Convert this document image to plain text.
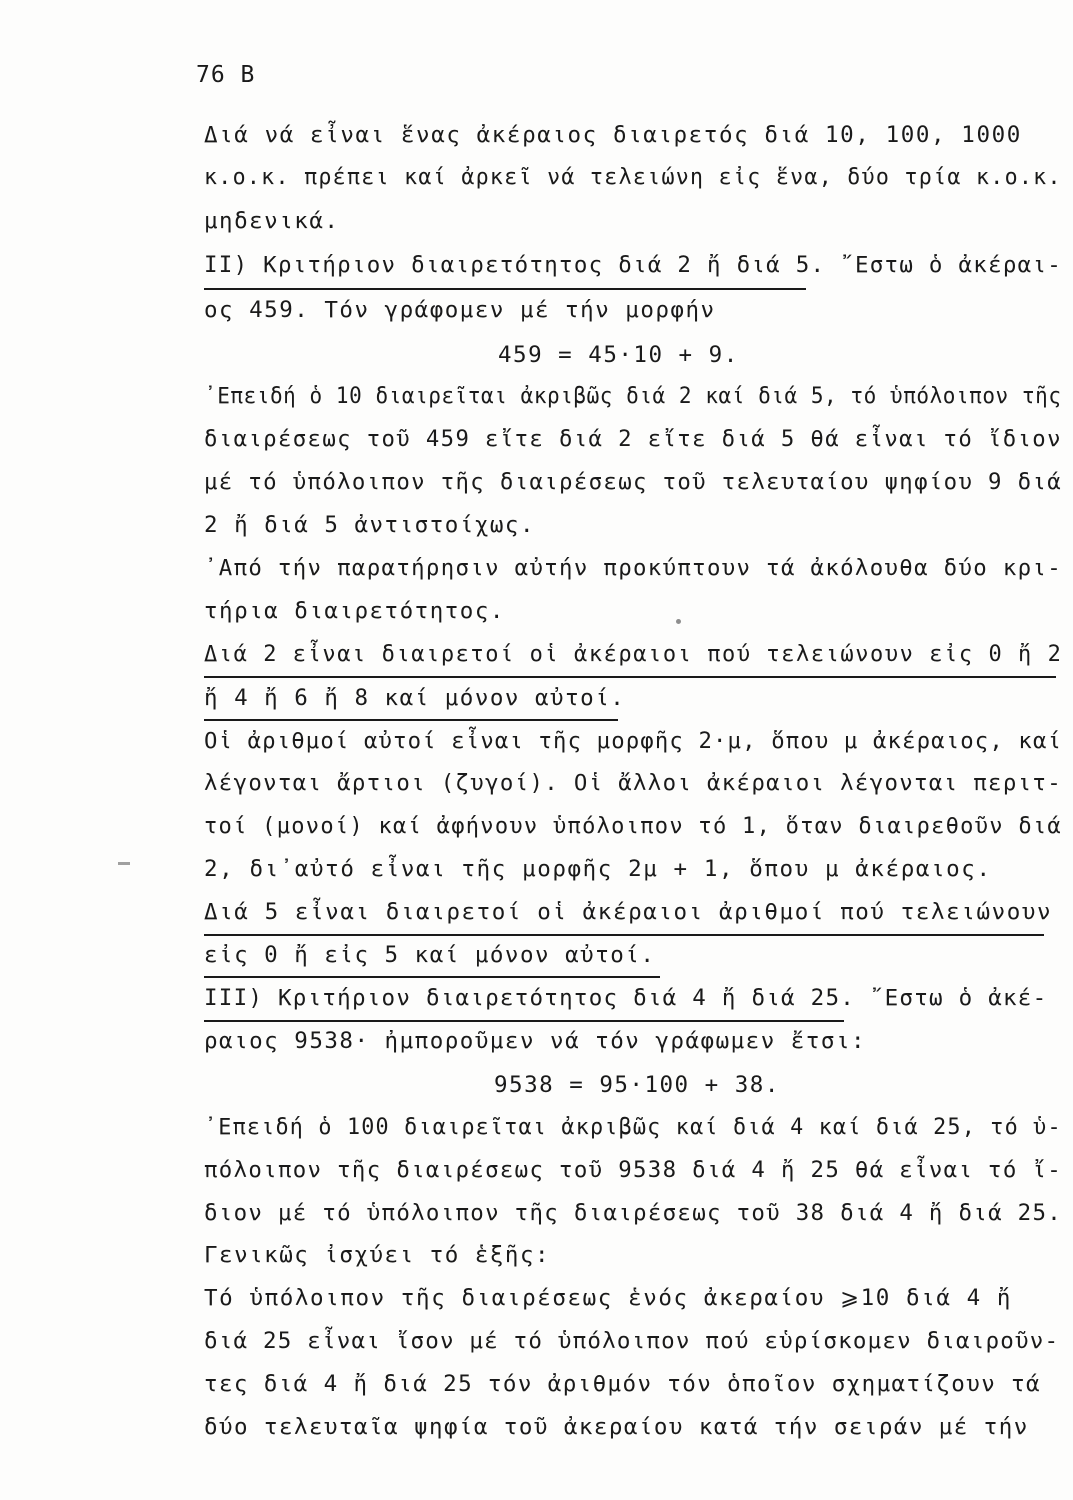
76 B
Διά νά εἶναι ἕνας ἀκέραιος διαιρετός διά 10, 100, 1000
κ.ο.κ. πρέπει καί ἀρκεῖ νά τελειώνη εἰς ἕνα, δύο τρία κ.ο.κ.
μηδενικά.
II) Κριτήριον διαιρετότητος διά 2 ἤ διά 5. ῎Εστω ὁ ἀκέραι-
ος 459. Τόν γράφομεν μέ τήν μορφήν
459 = 45·10 + 9.
᾿Επειδή ὁ 10 διαιρεῖται ἀκριβῶς διά 2 καί διά 5, τό ὑπόλοιπον τῆς
διαιρέσεως τοῦ 459 εἴτε διά 2 εἴτε διά 5 θά εἶναι τό ἴδιον
μέ τό ὑπόλοιπον τῆς διαιρέσεως τοῦ τελευταίου ψηφίου 9 διά
2 ἤ διά 5 ἀντιστοίχως.
᾿Από τήν παρατήρησιν αὐτήν προκύπτουν τά ἀκόλουθα δύο κρι-
τήρια διαιρετότητος.
Διά 2 εἶναι διαιρετοί οἱ ἀκέραιοι πού τελειώνουν εἰς 0 ἤ 2
ἤ 4 ἤ 6 ἤ 8 καί μόνον αὐτοί.
Οἱ ἀριθμοί αὐτοί εἶναι τῆς μορφῆς 2·μ, ὅπου μ ἀκέραιος, καί
λέγονται ἄρτιοι (ζυγοί). Οἱ ἄλλοι ἀκέραιοι λέγονται περιτ-
τοί (μονοί) καί ἀφήνουν ὑπόλοιπον τό 1, ὅταν διαιρεθοῦν διά
2, δι᾿αὐτό εἶναι τῆς μορφῆς 2μ + 1, ὅπου μ ἀκέραιος.
Διά 5 εἶναι διαιρετοί οἱ ἀκέραιοι ἀριθμοί πού τελειώνουν
εἰς 0 ἤ εἰς 5 καί μόνον αὐτοί.
III) Κριτήριον διαιρετότητος διά 4 ἤ διά 25. ῎Εστω ὁ ἀκέ-
ραιος 9538· ἠμποροῦμεν νά τόν γράφωμεν ἔτσι:
9538 = 95·100 + 38.
᾿Επειδή ὁ 100 διαιρεῖται ἀκριβῶς καί διά 4 καί διά 25, τό ὑ-
πόλοιπον τῆς διαιρέσεως τοῦ 9538 διά 4 ἤ 25 θά εἶναι τό ἴ-
διον μέ τό ὑπόλοιπον τῆς διαιρέσεως τοῦ 38 διά 4 ἤ διά 25.
Γενικῶς ἰσχύει τό ἑξῆς:
Τό ὑπόλοιπον τῆς διαιρέσεως ἑνός ἀκεραίου ⩾10 διά 4 ἤ
διά 25 εἶναι ἴσον μέ τό ὑπόλοιπον πού εὑρίσκομεν διαιροῦν-
τες διά 4 ἤ διά 25 τόν ἀριθμόν τόν ὁποῖον σχηματίζουν τά
δύο τελευταῖα ψηφία τοῦ ἀκεραίου κατά τήν σειράν μέ τήν
